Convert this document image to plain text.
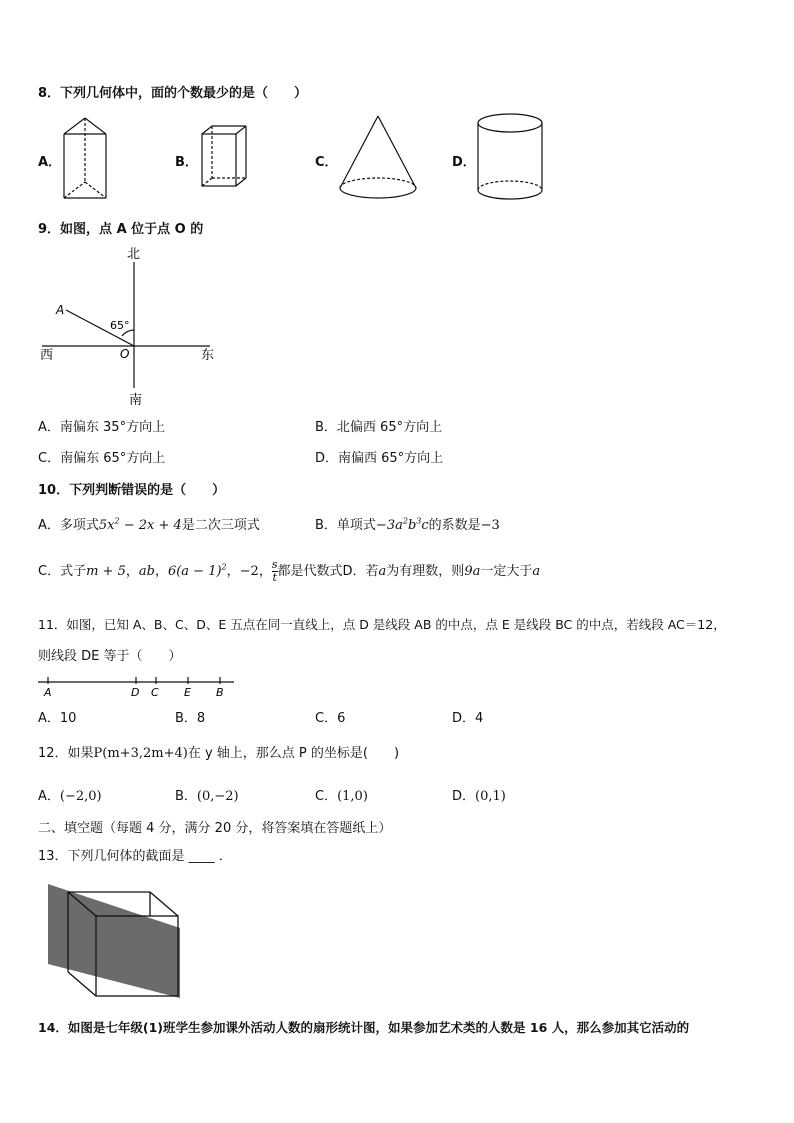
8．下列几何体中，面的个数最少的是（　　）
A．	B．	C．	D．
9．如图，点 A 位于点 O 的
北
南
西	东
A
O
65°
A．南偏东 35°方向上	B．北偏西 65°方向上
C．南偏东 65°方向上	D．南偏西 65°方向上
10．下列判断错误的是（　　）
A．多项式$5x^2 - 2x + 4$是二次三项式	B．单项式$-3a^2b^3c$的系数是−3
C．式子m + 5，ab，$6(a - 1)^2$，−2， $\frac{s}{t}$ 都是代数式D．若a为有理数，则9a一定大于a
11．如图，已知 A、B、C、D、E 五点在同一直线上，点 D 是线段 AB 的中点，点 E 是线段 BC 的中点，若线段 AC＝12，
则线段 DE 等于（　　）
A	D C E B
A．10	B．8	C．6	D．4
12．如果P(m+3,2m+4)在 y 轴上，那么点 P 的坐标是(　　)
A．(−2,0)	B．(0,−2)	C．(1,0)	D．(0,1)
二、填空题（每题 4 分，满分 20 分，将答案填在答题纸上）
13．下列几何体的截面是 ____ ．
14．如图是七年级(1)班学生参加课外活动人数的扇形统计图，如果参加艺术类的人数是 16 人，那么参加其它活动的
